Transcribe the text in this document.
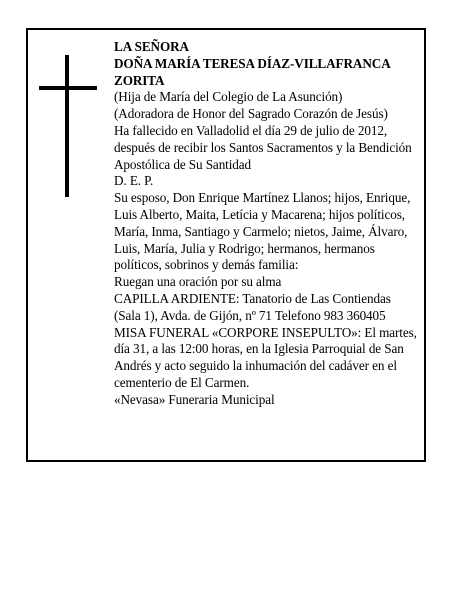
LA SEÑORA

DOÑA MARÍA TERESA DÍAZ-VILLAFRANCA

ZORITA

(Hija de María del Colegio de La Asunción)

(Adoradora de Honor del Sagrado Corazón de Jesús)

Ha fallecido en Valladolid el día 29 de julio de 2012, después de recibir los Santos Sacramentos y la Bendición Apostólica de Su Santidad

D. E. P.

Su esposo, Don Enrique Martínez Llanos; hijos, Enrique, Luis Alberto, Maita, Letícia y Macarena; hijos políticos, María, Inma, Santiago y Carmelo; nietos, Jaime, Álvaro, Luis, María, Julia y Rodrigo; hermanos, hermanos políticos, sobrinos y demás familia:

Ruegan una oración por su alma

CAPILLA ARDIENTE: Tanatorio de Las Contiendas (Sala 1), Avda. de Gijón, nº 71 Telefono 983 360405

MISA FUNERAL «CORPORE INSEPULTO»: El martes, día 31, a las 12:00 horas, en la Iglesia Parroquial de San Andrés y acto seguido la inhumación del cadáver en el cementerio de El Carmen.

«Nevasa» Funeraria Municipal
